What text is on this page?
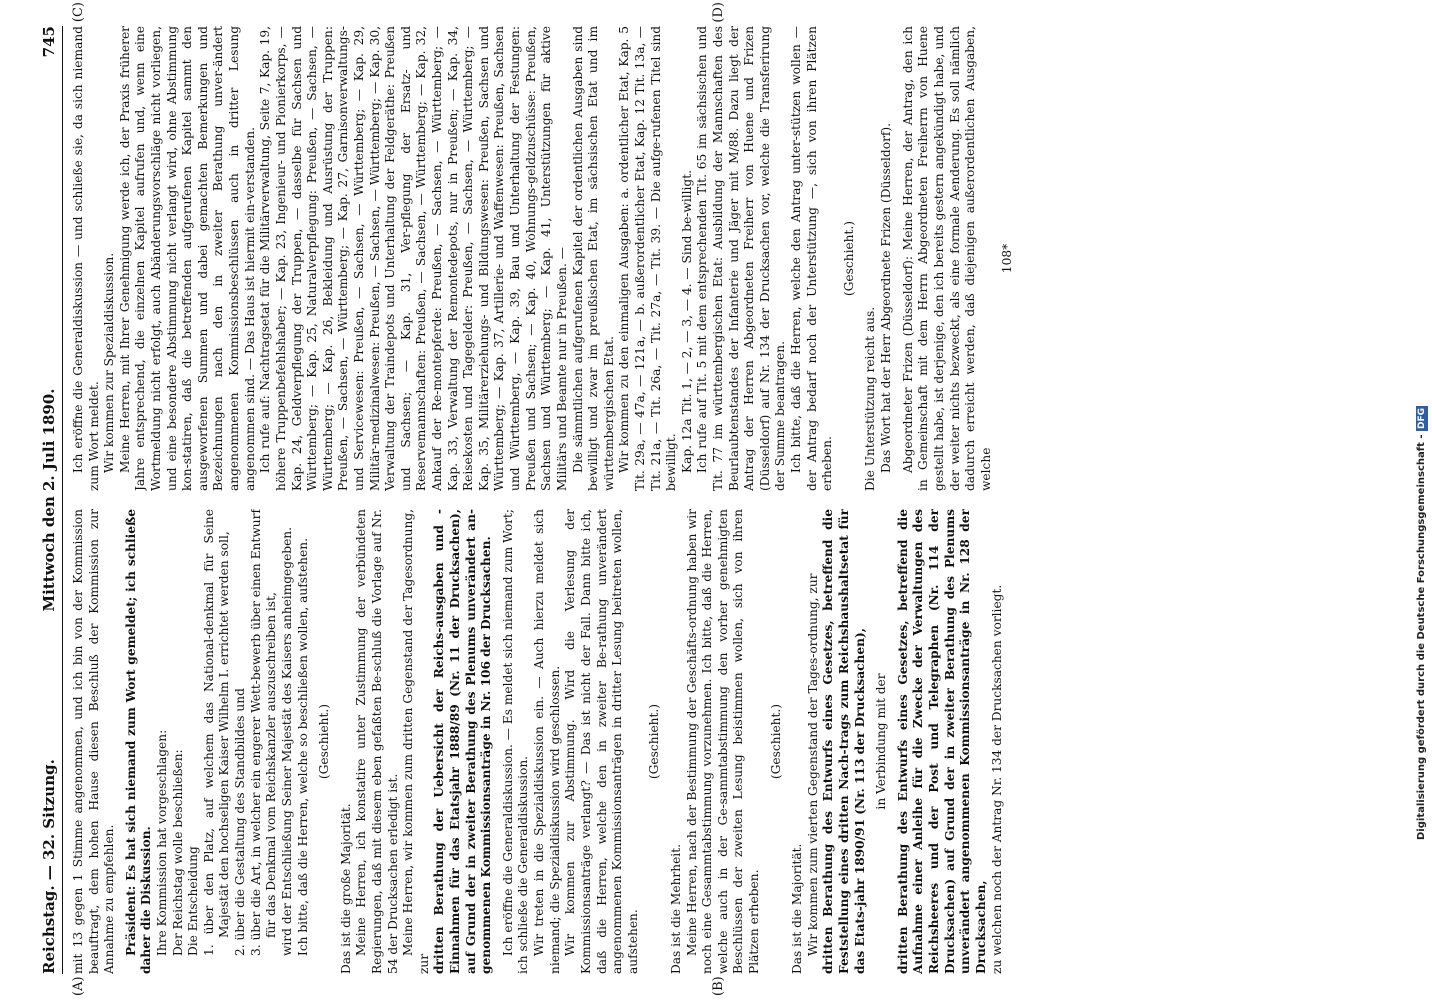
Reichstag. — 32. Sitzung.
Mittwoch den 2. Juli 1890.
745
(A)	(B)
(C)	(D)

mit 13 gegen 1 Stimme angenommen, und ich bin von der Kommission beauftragt, dem hohen Hause diesen Beschluß der Kommission zur Annahme zu empfehlen. Präsident: Es hat sich niemand zum Wort gemeldet; ich schließe daher die Diskussion. Ihre Kommission hat vorgeschlagen: Der Reichstag wolle beschließen: Die Entscheidung 1. über den Platz, auf welchem das National-denkmal für Seine Majestät den hochseligen Kaiser Wilhelm I. errichtet werden soll, 2. über die Gestaltung des Standbildes und 3. über die Art, in welcher ein engerer Wett-bewerb über einen Entwurf für das Denkmal vom Reichskanzler auszuschreiben ist, wird der Entschließung Seiner Majestät des Kaisers anheimgegeben. Ich bitte, daß die Herren, welche so beschließen wollen, aufstehen. (Geschieht.)

Das ist die große Majorität. Meine Herren, ich konstatire unter Zustimmung der verbündeten Regierungen, daß mit diesem eben gefaßten Be-schluß die Vorlage auf Nr. 54 der Drucksachen erledigt ist. Meine Herren, wir kommen zum dritten Gegenstand der Tagesordnung, zur dritten Berathung der Uebersicht der Reichs-ausgaben und -Einnahmen für das Etatsjahr 1888/89 (Nr. 11 der Drucksachen), auf Grund der in zweiter Berathung des Plenums unverändert an-genommenen Kommissionsanträge in Nr. 106 der Drucksachen. Ich eröffne die Generaldiskussion. — Es meldet sich niemand zum Wort; ich schließe die Generaldiskussion. Wir treten in die Spezialdiskussion ein. — Auch hierzu meldet sich niemand; die Spezialdiskussion wird geschlossen. Wir kommen zur Abstimmung. Wird die Verlesung der Kommissionsanträge verlangt? — Das ist nicht der Fall. Dann bitte ich, daß die Herren, welche den in zweiter Be-rathung unverändert angenommenen Kommissionsanträgen in dritter Lesung beitreten wollen, aufstehen.

(Geschieht.)

Das ist die Mehrheit. Meine Herren, nach der Bestimmung der Geschäfts-ordnung haben wir noch eine Gesammtabstimmung vorzunehmen. Ich bitte, daß die Herren, welche auch in der Ge-sammtabstimmung den vorher genehmigten Beschlüssen der zweiten Lesung beistimmen wollen, sich von ihren Plätzen erheben.

(Geschieht.)

Das ist die Majorität. Wir kommen zum vierten Gegenstand der Tages-ordnung, zur dritten Berathung des Entwurfs eines Gesetzes, betreffend die Feststellung eines dritten Nach-trags zum Reichshaushaltsetat für das Etats-jahr 1890/91 (Nr. 113 der Drucksachen), in Verbindung mit der dritten Berathung des Entwurfs eines Gesetzes, betreffend die Aufnahme einer Anleihe für die Zwecke der Verwaltungen des Reichsheeres und der Post und Telegraphen (Nr. 114 der Drucksachen) auf Grund der in zweiter Berathung des Plenums unverändert angenommenen Kommissionsanträge in Nr. 128 der Drucksachen, zu welchen noch der Antrag Nr. 134 der Drucksachen vorliegt.

Ich eröffne die Generaldiskussion — und schließe sie, da sich niemand zum Wort meldet. Wir kommen zur Spezialdiskussion. Meine Herren, mit Ihrer Genehmigung werde ich, der Praxis früherer Jahre entsprechend, die einzelnen Kapitel aufrufen und, wenn eine Wortmeldung nicht erfolgt, auch Abänderungsvorschläge nicht vorliegen, und eine besondere Abstimmung nicht verlangt wird, ohne Abstimmung kon-statiren, daß die betreffenden aufgerufenen Kapitel sammt den ausgeworfenen Summen und dabei gemachten Bemerkungen und Bezeichnungen nach den in zweiter Berathung unver-ändert angenommenen Kommissionsbeschlüssen auch in dritter Lesung angenommen sind. — Das Haus ist hiermit ein-verstanden. Ich rufe auf: Nachtragsetat für die Militärverwaltung, Seite 7, Kap. 19, höhere Truppenbefehlshaber; — Kap. 23, Ingenieur- und Pionierkorps, — Kap. 24, Geldverpflegung der Truppen, — dasselbe für Sachsen und Württemberg; — Kap. 25, Naturalverpflegung: Preußen, — Sachsen, — Württemberg; — Kap. 26, Bekleidung und Ausrüstung der Truppen: Preußen, — Sachsen, — Württemberg; — Kap. 27, Garnisonverwaltungs- und Servicewesen: Preußen, — Sachsen, — Württemberg; — Kap. 29, Militär-medizinalwesen: Preußen, — Sachsen, — Württemberg; — Kap. 30, Verwaltung der Traindepots und Unterhaltung der Feldgeräthe: Preußen und Sachsen; — Kap. 31, Ver-pflegung der Ersatz- und Reservemannschaften: Preußen, — Sachsen, — Württemberg; — Kap. 32, Ankauf der Re-montepferde: Preußen, — Sachsen, — Württemberg; — Kap. 33, Verwaltung der Remontedepots, nur in Preußen; — Kap. 34, Reisekosten und Tagegelder: Preußen, — Sachsen, — Württemberg; — Kap. 35, Militärerziehungs- und Bildungswesen: Preußen, Sachsen und Württemberg; — Kap. 37, Artillerie- und Waffenwesen: Preußen, Sachsen und Württemberg, — Kap. 39, Bau und Unterhaltung der Festungen: Preußen und Sachsen; — Kap. 40, Wohnungs-geldzuschüsse: Preußen, Sachsen und Württemberg; — Kap. 41, Unterstützungen für aktive Militärs und Beamte nur in Preußen. — Die sämmtlichen aufgerufenen Kapitel der ordentlichen Ausgaben sind bewilligt und zwar im preußischen Etat, im sächsischen Etat und im württembergischen Etat. Wir kommen zu den einmaligen Ausgaben: a. ordentlicher Etat, Kap. 5 Tit. 29a, — 47a, — 121a, — b. außerordentlicher Etat, Kap. 12 Tit. 13a, — Tit. 21a, — Tit. 26a, — Tit. 27a, — Tit. 39. — Die aufge-rufenen Titel sind bewilligt. Kap. 12a Tit. 1, — 2, — 3, — 4. — Sind be-willigt. Ich rufe auf Tit. 5 mit dem entsprechenden Tit. 65 im sächsischen und Tit. 77 im württembergischen Etat: Ausbildung der Mannschaften des Beurlaubtenstandes der Infanterie und Jäger mit M/88. Dazu liegt der Antrag der Herren Abgeordneten Freiherr von Huene und Frizen (Düsseldorf) auf Nr. 134 der Drucksachen vor, welche die Transferirung der Summe beantragen. Ich bitte, daß die Herren, welche den Antrag unter-stützen wollen — der Antrag bedarf noch der Unterstützung —, sich von ihren Plätzen erheben.

(Geschieht.)

Die Unterstützung reicht aus. Das Wort hat der Herr Abgeordnete Frizen (Düsseldorf). Abgeordneter Frizen (Düsseldorf): Meine Herren, der Antrag, den ich in Gemeinschaft mit dem Herrn Abgeordneten Freiherrn von Huene gestellt habe, ist derjenige, den ich bereits gestern angekündigt habe, und der weiter nichts bezweckt, als eine formale Aenderung. Es soll nämlich dadurch erreicht werden, daß diejenigen außerordentlichen Ausgaben, welche

108*

Digitalisierung gefördert durch die Deutsche Forschungsgemeinschaft - DFG
